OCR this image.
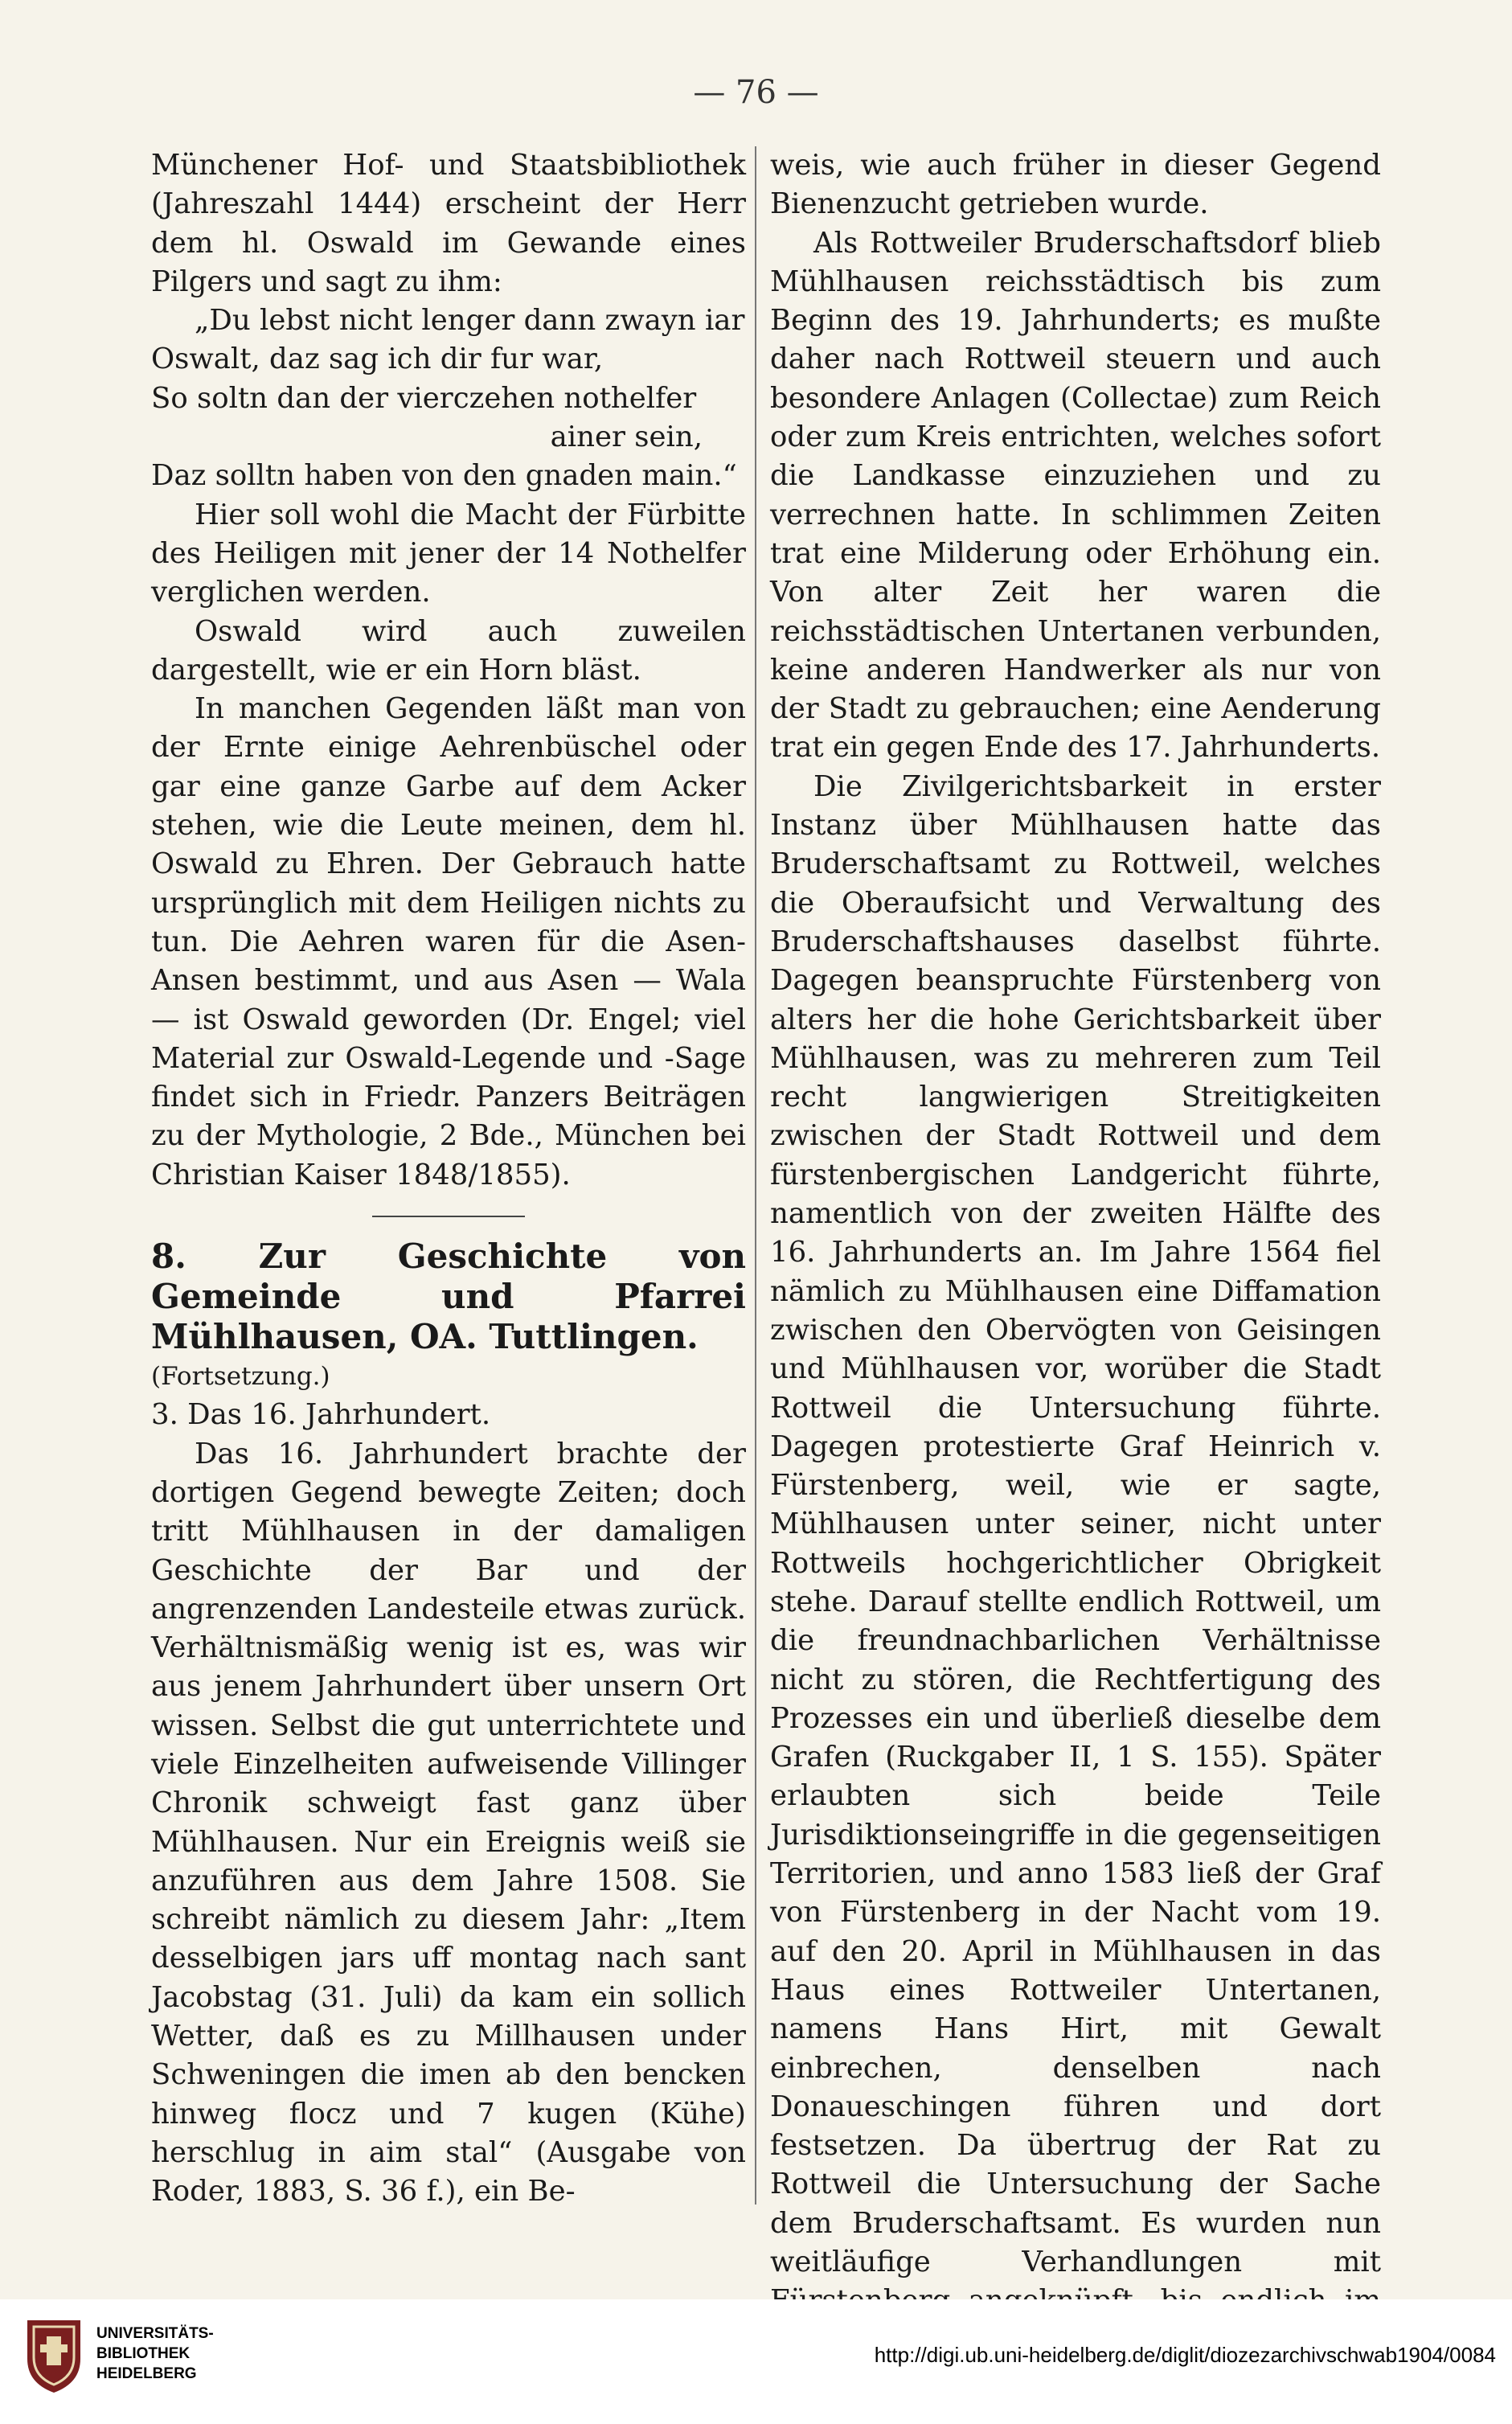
— 76 —

Münchener Hof- und Staatsbibliothek (Jahreszahl 1444) erscheint der Herr dem hl. Oswald im Gewande eines Pilgers und sagt zu ihm:

„Du lebst nicht lenger dann zwayn iar
Oswalt, daz sag ich dir fur war,
So soltn dan der vierczehen nothelfer
ainer sein,
Daz solltn haben von den gnaden main.“

Hier soll wohl die Macht der Fürbitte des Heiligen mit jener der 14 Nothelfer verglichen werden.

Oswald wird auch zuweilen dargestellt, wie er ein Horn bläst.

In manchen Gegenden läßt man von der Ernte einige Aehrenbüschel oder gar eine ganze Garbe auf dem Acker stehen, wie die Leute meinen, dem hl. Oswald zu Ehren. Der Gebrauch hatte ursprünglich mit dem Heiligen nichts zu tun. Die Aehren waren für die Asen-Ansen bestimmt, und aus Asen — Wala — ist Oswald geworden (Dr. Engel; viel Material zur Oswald-Legende und -Sage findet sich in Friedr. Panzers Beiträgen zu der Mythologie, 2 Bde., München bei Christian Kaiser 1848/1855).

8. Zur Geschichte von Gemeinde und Pfarrei Mühlhausen, OA. Tuttlingen.

(Fortsetzung.)

3. Das 16. Jahrhundert.

Das 16. Jahrhundert brachte der dortigen Gegend bewegte Zeiten; doch tritt Mühlhausen in der damaligen Geschichte der Bar und der angrenzenden Landesteile etwas zurück. Verhältnismäßig wenig ist es, was wir aus jenem Jahrhundert über unsern Ort wissen. Selbst die gut unterrichtete und viele Einzelheiten aufweisende Villinger Chronik schweigt fast ganz über Mühlhausen. Nur ein Ereignis weiß sie anzuführen aus dem Jahre 1508. Sie schreibt nämlich zu diesem Jahr: „Item desselbigen jars uff montag nach sant Jacobstag (31. Juli) da kam ein sollich Wetter, daß es zu Millhausen under Schweningen die imen ab den bencken hinweg flocz und 7 kugen (Kühe) herschlug in aim stal“ (Ausgabe von Roder, 1883, S. 36 f.), ein Be-

weis, wie auch früher in dieser Gegend Bienenzucht getrieben wurde.

Als Rottweiler Bruderschaftsdorf blieb Mühlhausen reichsstädtisch bis zum Beginn des 19. Jahrhunderts; es mußte daher nach Rottweil steuern und auch besondere Anlagen (Collectae) zum Reich oder zum Kreis entrichten, welches sofort die Landkasse einzuziehen und zu verrechnen hatte. In schlimmen Zeiten trat eine Milderung oder Erhöhung ein. Von alter Zeit her waren die reichsstädtischen Untertanen verbunden, keine anderen Handwerker als nur von der Stadt zu gebrauchen; eine Aenderung trat ein gegen Ende des 17. Jahrhunderts.

Die Zivilgerichtsbarkeit in erster Instanz über Mühlhausen hatte das Bruderschaftsamt zu Rottweil, welches die Oberaufsicht und Verwaltung des Bruderschaftshauses daselbst führte. Dagegen beanspruchte Fürstenberg von alters her die hohe Gerichtsbarkeit über Mühlhausen, was zu mehreren zum Teil recht langwierigen Streitigkeiten zwischen der Stadt Rottweil und dem fürstenbergischen Landgericht führte, namentlich von der zweiten Hälfte des 16. Jahrhunderts an. Im Jahre 1564 fiel nämlich zu Mühlhausen eine Diffamation zwischen den Obervögten von Geisingen und Mühlhausen vor, worüber die Stadt Rottweil die Untersuchung führte. Dagegen protestierte Graf Heinrich v. Fürstenberg, weil, wie er sagte, Mühlhausen unter seiner, nicht unter Rottweils hochgerichtlicher Obrigkeit stehe. Darauf stellte endlich Rottweil, um die freundnachbarlichen Verhältnisse nicht zu stören, die Rechtfertigung des Prozesses ein und überließ dieselbe dem Grafen (Ruckgaber II, 1 S. 155). Später erlaubten sich beide Teile Jurisdiktionseingriffe in die gegenseitigen Territorien, und anno 1583 ließ der Graf von Fürstenberg in der Nacht vom 19. auf den 20. April in Mühlhausen in das Haus eines Rottweiler Untertanen, namens Hans Hirt, mit Gewalt einbrechen, denselben nach Donaueschingen führen und dort festsetzen. Da übertrug der Rat zu Rottweil die Untersuchung der Sache dem Bruderschaftsamt. Es wurden nun weitläufige Verhandlungen mit

UNIVERSITÄTS-
BIBLIOTHEK
HEIDELBERG
http://digi.ub.uni-heidelberg.de/diglit/diozezarchivschwab1904/0084
